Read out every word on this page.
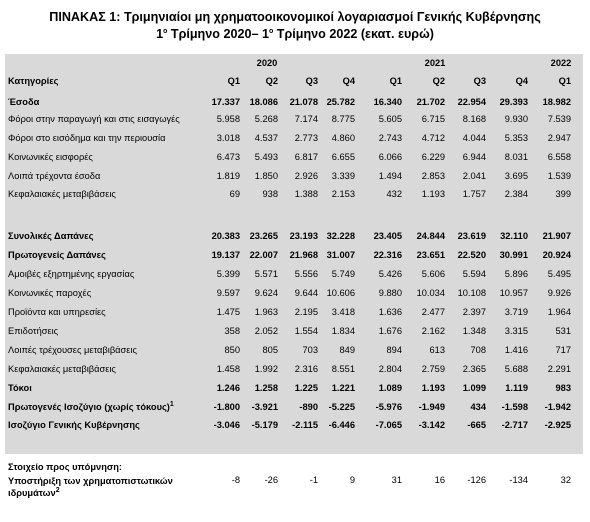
ΠΙΝΑΚΑΣ 1: Τριμηνιαίοι μη χρηματοοικονομικοί λογαριασμοί Γενικής Κυβέρνησης
$1^o$ Τρίμηνο 2020– $1^o$ Τρίμηνο 2022 (εκατ. ευρώ)
2020	2021	2022
Κατηγορίες	Q1	Q2	Q3	Q4	Q1	Q2	Q3	Q4	Q1
Έσοδα	17.337	18.086	21.078 25.782	16.340	21.702	22.954	29.393	18.982
Φόροι στην παραγωγή και στις εισαγωγές	5.958	5.268	7.174	8.775	5.605	6.715	8.168	9.930	7.539
Φόροι στο εισόδημα και την περιουσία	3.018	4.537	2.773	4.860	2.743	4.712	4.044	5.353	2.947
Κοινωνικές εισφορές	6.473	5.493	6.817	6.655	6.066	6.229	6.944	8.031	6.558
Λοιπά τρέχοντα έσοδα	1.819	1.850	2.926	3.339	1.494	2.853	2.041	3.695	1.539
Κεφαλαιακές μεταβιβάσεις	69	938	1.388	2.153	432	1.193	1.757	2.384	399
Συνολικές Δαπάνες	20.383	23.265	23.193 32.228	23.405	24.844	23.619	32.110	21.907
Πρωτογενείς Δαπάνες	19.137	22.007	21.968 31.007	22.316	23.651	22.520	30.991	20.924
Αμοιβές εξηρτημένης εργασίας	5.399	5.571	5.556	5.749	5.426	5.606	5.594	5.896	5.495
Κοινωνικές παροχές	9.597	9.624	9.644 10.606	9.880	10.034	10.108	10.957	9.926
Προϊόντα και υπηρεσίες	1.475	1.963	2.195	3.418	1.636	2.477	2.397	3.719	1.964
Επιδοτήσεις	358	2.052	1.554	1.834	1.676	2.162	1.348	3.315	531
Λοιπές τρέχουσες μεταβιβάσεις	850	805	703	849	894	613	708	1.416	717
Κεφαλαιακές μεταβιβάσεις	1.458	1.992	2.316	8.551	2.804	2.759	2.365	5.688	2.291
Τόκοι	1.246	1.258	1.225	1.221	1.089	1.193	1.099	1.119	983
Πρωτογενές Ισοζύγιο (χωρίς τόκους)$^1$	-1.800	-3.921	-890	-5.225	-5.976	-1.949	434	-1.598	-1.942
Ισοζύγιο Γενικής Κυβέρνησης	-3.046	-5.179	-2.115	-6.446	-7.065	-3.142	-665	-2.717	-2.925
Στοιχείο προς υπόμνηση:
Υποστήριξη των χρηματοπιστωτικών
ιδρυμάτων$^2$
-8	-26	-1	9	31	16	-126	-134	32
